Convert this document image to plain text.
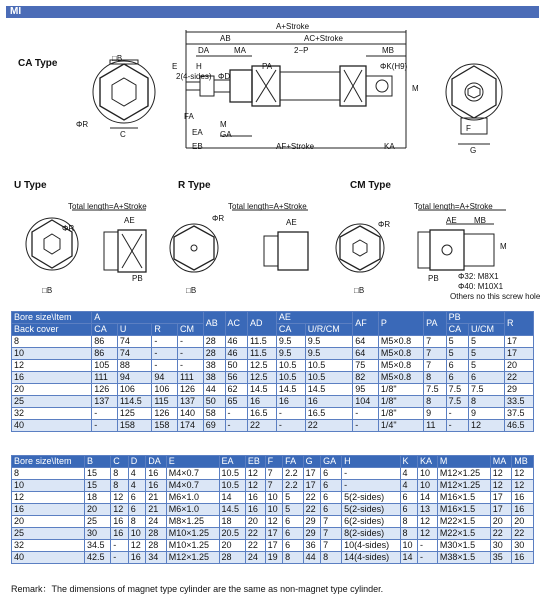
MI
CA Type
U Type	R Type	CM Type
□B
ΦR
C
A+Stroke
AB	AC+Stroke
DA	MA	2−P	MB
E H
2(4-sides) ΦD
PA	ΦK(H9)
M
FA
EA
M
GA
EB	AF+Stroke	KA
F
G
Total length=A+Stroke
AE
ΦR
PB
□B
Total length=A+Stroke
AE
ΦR
□B
Total length=A+Stroke
AE MB
ΦR
M
PB
□B
Φ32: M8X1
Φ40: M10X1
Others no this screw hole
Bore size\Item	A				AB	AC	AD	AE		AF	P	PA	PB		R
Back cover	CA	U	R	CM				CA	U/R/CM				CA	U/CM	
8	86	74	-	-	28	46	11.5	9.5	9.5	64	M5×0.8	7	5	5	17
10	86	74	-	-	28	46	11.5	9.5	9.5	64	M5×0.8	7	5	5	17
12	105	88	-	-	38	50	12.5	10.5	10.5	75	M5×0.8	7	6	5	20
16	111	94	94	111	38	56	12.5	10.5	10.5	82	M5×0.8	8	6	6	22
20	126	106	106	126	44	62	14.5	14.5	14.5	95	1/8"	7.5	7.5	7.5	29
25	137	114.5	115	137	50	65	16	16	16	104	1/8"	8	7.5	8	33.5
32	-	125	126	140	58	-	16.5	-	16.5	-	1/8"	9	-	9	37.5
40	-	158	158	174	69	-	22	-	22	-	1/4"	11	-	12	46.5
Bore size\Item	B	C	D	DA	E	EA	EB	F	FA	G	GA	H	K	KA	M	MA	MB
8	15	8	4	16	M4×0.7	10.5	12	7	2.2	17	6	-	4	10	M12×1.25	12	12
10	15	8	4	16	M4×0.7	10.5	12	7	2.2	17	6	-	4	10	M12×1.25	12	12
12	18	12	6	21	M6×1.0	14	16	10	5	22	6	5(2-sides)	6	14	M16×1.5	17	16
16	20	12	6	21	M6×1.0	14.5	16	10	5	22	6	5(2-sides)	6	13	M16×1.5	17	16
20	25	16	8	24	M8×1.25	18	20	12	6	29	7	6(2-sides)	8	12	M22×1.5	20	20
25	30	16	10	28	M10×1.25	20.5	22	17	6	29	7	8(2-sides)	8	12	M22×1.5	22	22
32	34.5	-	12	28	M10×1.25	20	22	17	6	36	7	10(4-sides)	10	-	M30×1.5	30	30
40	42.5	-	16	34	M12×1.25	28	24	19	8	44	8	14(4-sides)	14	-	M38×1.5	35	16
Remark：The dimensions of magnet type cylinder are the same as non-magnet type cylinder.
